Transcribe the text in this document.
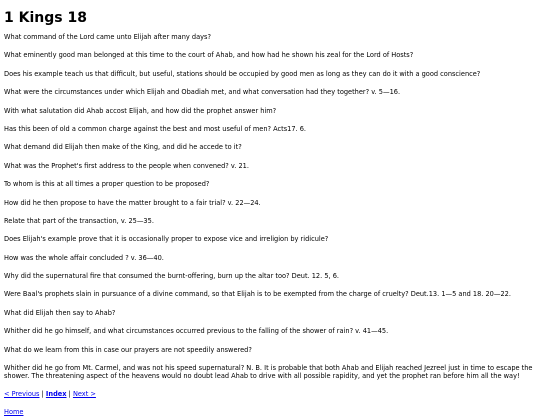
1 Kings 18

What command of the Lord came unto Elijah after many days?

What eminently good man belonged at this time to the court of Ahab, and how had he shown his zeal for the Lord of Hosts?

Does his example teach us that difficult, but useful, stations should be occupied by good men as long as they can do it with a good conscience?

What were the circumstances under which Elijah and Obadiah met, and what conversation had they together? v. 5—16.

With what salutation did Ahab accost Elijah, and how did the prophet answer him?

Has this been of old a common charge against the best and most useful of men? Acts17. 6.

What demand did Elijah then make of the King, and did he accede to it?

What was the Prophet's first address to the people when convened? v. 21.

To whom is this at all times a proper question to be proposed?

How did he then propose to have the matter brought to a fair trial? v. 22—24.

Relate that part of the transaction, v. 25—35.

Does Elijah's example prove that it is occasionally proper to expose vice and irreligion by ridicule?

How was the whole affair concluded ? v. 36—40.

Why did the supernatural fire that consumed the burnt-offering, burn up the altar too? Deut. 12. 5, 6.

Were Baal's prophets slain in pursuance of a divine command, so that Elijah is to be exempted from the charge of cruelty? Deut.13. 1—5 and 18. 20—22.

What did Elijah then say to Ahab?

Whither did he go himself, and what circumstances occurred previous to the falling of the shower of rain? v. 41—45.

What do we learn from this in case our prayers are not speedily answered?

Whither did he go from Mt. Carmel, and was not his speed supernatural? N. B. It is probable that both Ahab and Elijah reached Jezreel just in time to escape the shower. The threatening aspect of the heavens would no doubt lead Ahab to drive with all possible rapidity, and yet the prophet ran before him all the way!

< Previous | Index | Next >
Home
